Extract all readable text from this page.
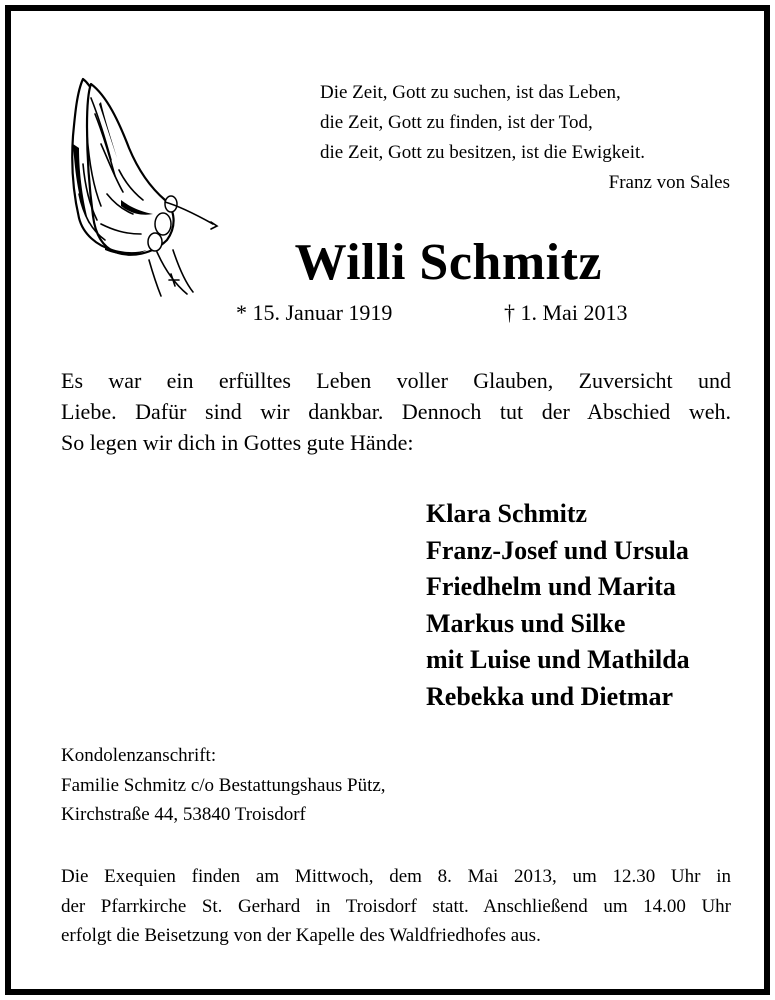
Die Zeit, Gott zu suchen, ist das Leben,
die Zeit, Gott zu finden, ist der Tod,
die Zeit, Gott zu besitzen, ist die Ewigkeit.
Franz von Sales
Willi Schmitz
* 15. Januar 1919	† 1. Mai 2013
Es war ein erfülltes Leben voller Glauben, Zuversicht und
Liebe. Dafür sind wir dankbar. Dennoch tut der Abschied weh.
So legen wir dich in Gottes gute Hände:
Klara Schmitz
Franz-Josef und Ursula
Friedhelm und Marita
Markus und Silke
mit Luise und Mathilda
Rebekka und Dietmar
Kondolenzanschrift:
Familie Schmitz c/o Bestattungshaus Pütz,
Kirchstraße 44, 53840 Troisdorf
Die Exequien finden am Mittwoch, dem 8. Mai 2013, um 12.30 Uhr in
der Pfarrkirche St. Gerhard in Troisdorf statt. Anschließend um 14.00 Uhr
erfolgt die Beisetzung von der Kapelle des Waldfriedhofes aus.
